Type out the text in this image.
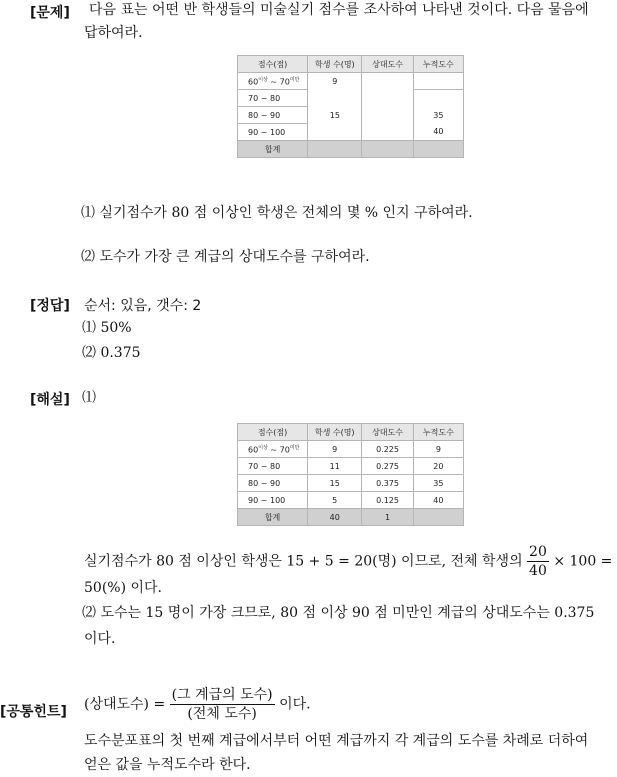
[문제] 다음 표는 어떤 반 학생들의 미술실기 점수를 조사하여 나타낸 것이다. 다음 물음에
답하여라.
점수(점)	학생 수(명)	상대도수	누적도수
$60^{이상}$ ~ $70^{미만}$	9		
70 ~ 80			
80 ~ 90	15		35
90 ~ 100			40
합계			
⑴ 실기점수가 80 점 이상인 학생은 전체의 몇 % 인지 구하여라.
⑵ 도수가 가장 큰 계급의 상대도수를 구하여라.
[정답] 순서: 있음, 갯수: 2
⑴ 50%
⑵ 0.375
[해설] ⑴
점수(점)	학생 수(명)	상대도수	누적도수
$60^{이상}$ ~ $70^{미만}$	9	0.225	9
70 ~ 80	11	0.275	20
80 ~ 90	15	0.375	35
90 ~ 100	5	0.125	40
합계	40	1	
실기점수가 80 점 이상인 학생은 15 + 5 = 20(명) 이므로, 전체 학생의 $\frac{20}{40} \times 100$ =
50(%) 이다.
⑵ 도수는 15 명이 가장 크므로, 80 점 이상 90 점 미만인 계급의 상대도수는 0.375
이다.
[공통힌트] (상대도수) = $\frac{\text{(그 계급의 도수)}}{\text{(전체 도수)}}$ 이다.
도수분포표의 첫 번째 계급에서부터 어떤 계급까지 각 계급의 도수를 차례로 더하여
얻은 값을 누적도수라 한다.
